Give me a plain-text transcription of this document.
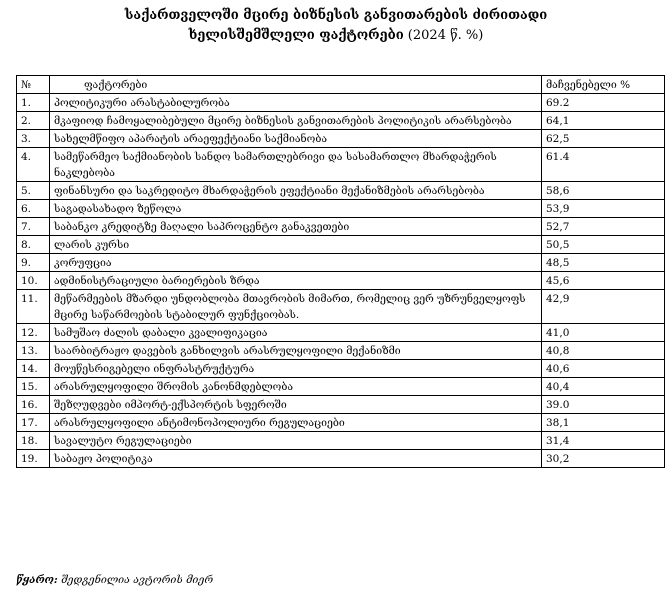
საქართველოში მცირე ბიზნესის განვითარების ძირითადი
ხელისშემშლელი ფაქტორები (2024 წ. %)
№	ფაქტორები	მაჩვენებელი %
1.	პოლიტიკური არასტაბილურობა	69.2
2.	მკაფიოდ ჩამოყალიბებული მცირე ბიზნესის განვითარების პოლიტიკის არარსებობა	64,1
3.	სახელმწიფო აპარატის არაეფექტიანი საქმიანობა	62,5
4.	სამეწარმეო საქმიანობის სანდო სამართლებრივი და სასამართლო მხარდაჭერის ნაკლებობა	61.4
5.	ფინანსური და საკრედიტო მხარდაჭერის ეფექტიანი მექანიზმების არარსებობა	58,6
6.	საგადასახადო ზეწოლა	53,9
7.	საბანკო კრედიტზე მაღალი საპროცენტო განაკვეთები	52,7
8.	ლარის კურსი	50,5
9.	კორუფცია	48,5
10.	ადმინისტრაციული ბარიერების ზრდა	45,6
11.	მეწარმეების მზარდი უნდობლობა მთავრობის მიმართ, რომელიც ვერ უზრუნველყოფს მცირე საწარმოების სტაბილურ ფუნქციობას.	42,9
12.	სამუშაო ძალის დაბალი კვალიფიკაცია	41,0
13.	საარბიტრაჟო დავების განხილვის არასრულყოფილი მექანიზმი	40,8
14.	მოუწესრიგებელი ინფრასტრუქტურა	40,6
15.	არასრულყოფილი შრომის კანონმდებლობა	40,4
16.	შეზღუდვები იმპორტ-ექსპორტის სფეროში	39.0
17.	არასრულყოფილი ანტიმონოპოლიური რეგულაციები	38,1
18.	სავალუტო რეგულაციები	31,4
19.	საბაჟო პოლიტიკა	30,2
წყარო: შედგენილია ავტორის მიერ
